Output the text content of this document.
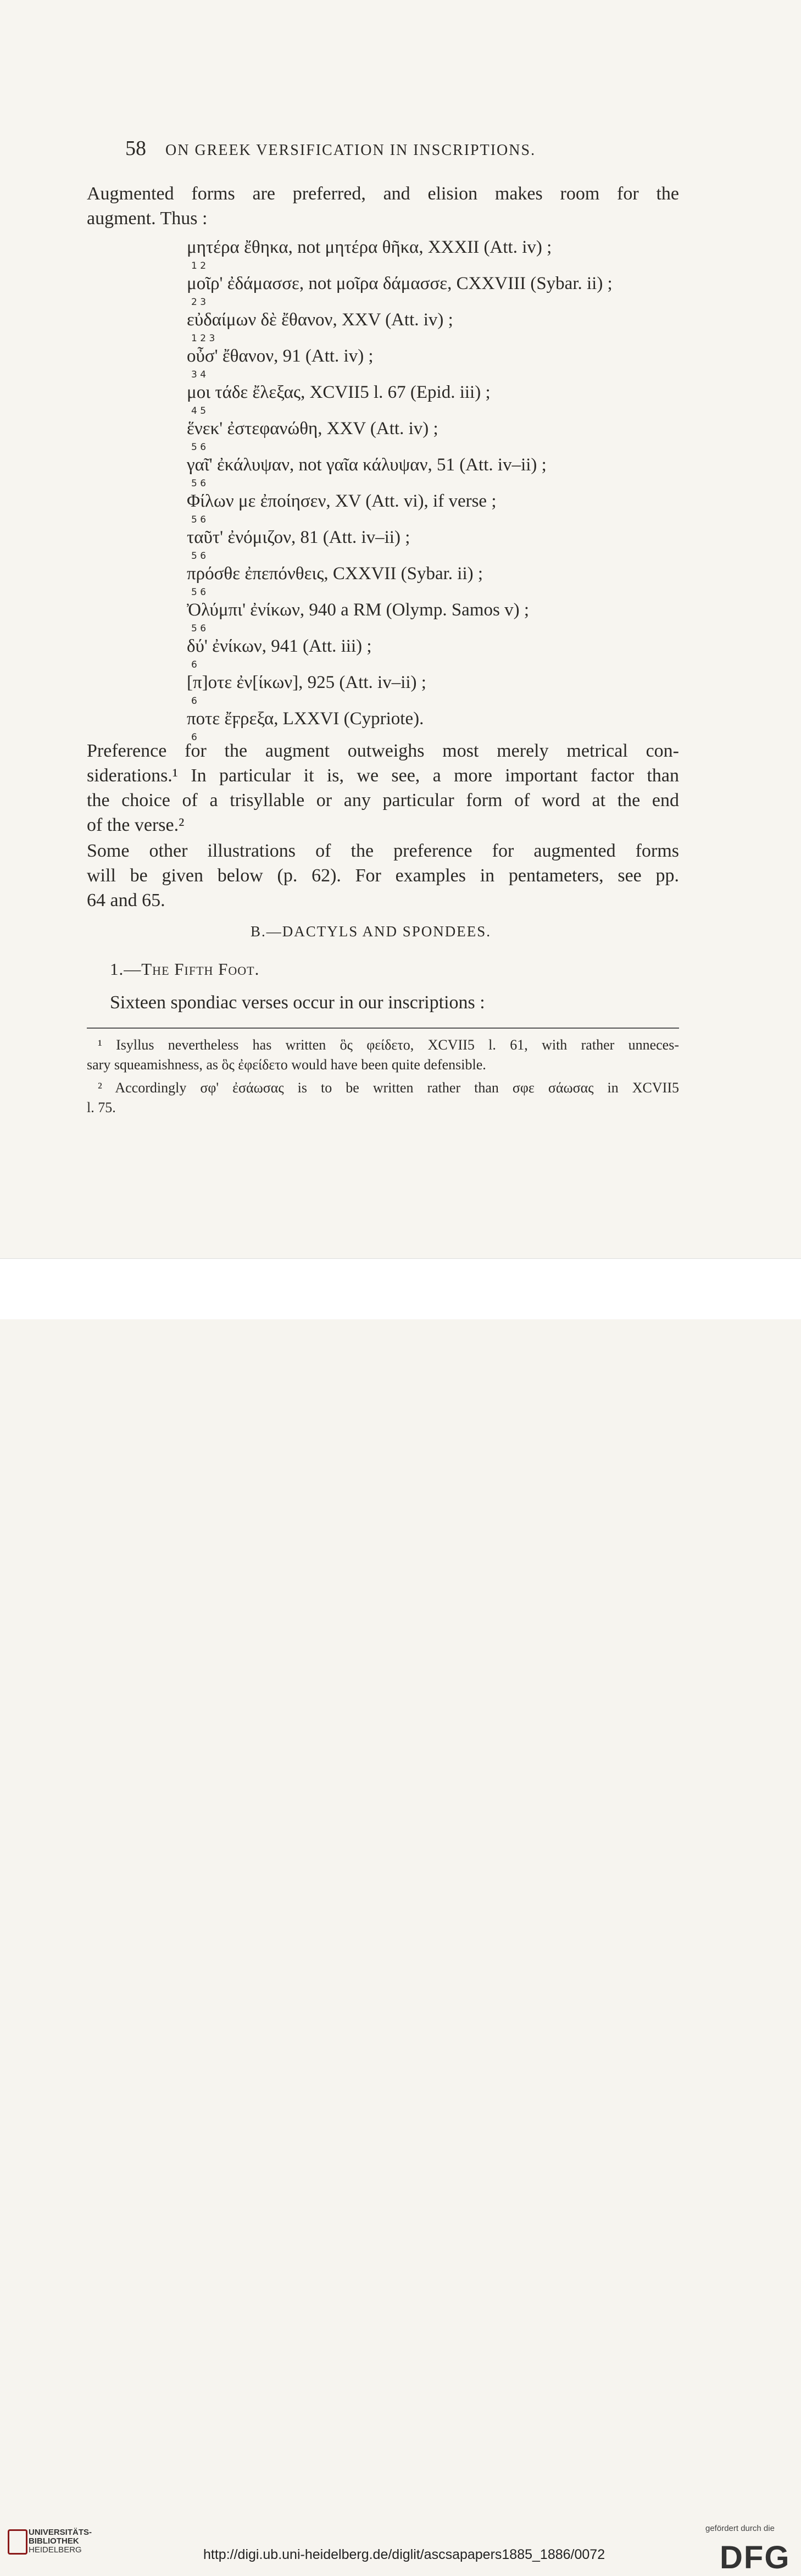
58 ON GREEK VERSIFICATION IN INSCRIPTIONS.
Augmented forms are preferred, and elision makes room for the
augment. Thus :
μητέρα ἔθηκα, not μητέρα θῆκα, XXXII (Att. iv) ;
1 2
μοῖρ' ἐδάμασσε, not μοῖρα δάμασσε, CXXVIII (Sybar. ii) ;
2 3
εὐδαίμων δὲ ἔθανον, XXV (Att. iv) ;
1 2 3
οὖσ' ἔθανον, 91 (Att. iv) ;
3 4
μοι τάδε ἔλεξας, XCVII5 l. 67 (Epid. iii) ;
4 5
ἕνεκ' ἐστεφανώθη, XXV (Att. iv) ;
5 6
γαῖ' ἐκάλυψαν, not γαῖα κάλυψαν, 51 (Att. iv–ii) ;
5 6
Φίλων με ἐποίησεν, XV (Att. vi), if verse ;
5 6
ταῦτ' ἐνόμιζον, 81 (Att. iv–ii) ;
5 6
πρόσθε ἐπεπόνθεις, CXXVII (Sybar. ii) ;
5 6
Ὀλύμπι' ἐνίκων, 940 a RM (Olymp. Samos v) ;
5 6
δύ' ἐνίκων, 941 (Att. iii) ;
6
[π]οτε ἐν[ίκων], 925 (Att. iv–ii) ;
6
ποτε ἔϝρεξα, LXXVI (Cypriote).
6
Preference for the augment outweighs most merely metrical con-
siderations.¹ In particular it is, we see, a more important factor than
the choice of a trisyllable or any particular form of word at the end
of the verse.²
Some other illustrations of the preference for augmented forms
will be given below (p. 62). For examples in pentameters, see pp.
64 and 65.
B.—DACTYLS AND SPONDEES.
1.—The Fifth Foot.
Sixteen spondiac verses occur in our inscriptions :
¹ Isyllus nevertheless has written ὃς φείδετο, XCVII5 l. 61, with rather unneces-
sary squeamishness, as ὃς ἐφείδετο would have been quite defensible.
² Accordingly σφ' ἐσάωσας is to be written rather than σφε σάωσας in XCVII5
l. 75.
UNIVERSITÄTS-
BIBLIOTHEK
HEIDELBERG	http://digi.ub.uni-heidelberg.de/diglit/ascsapapers1885_1886/0072
gefördert durch die
DFG
